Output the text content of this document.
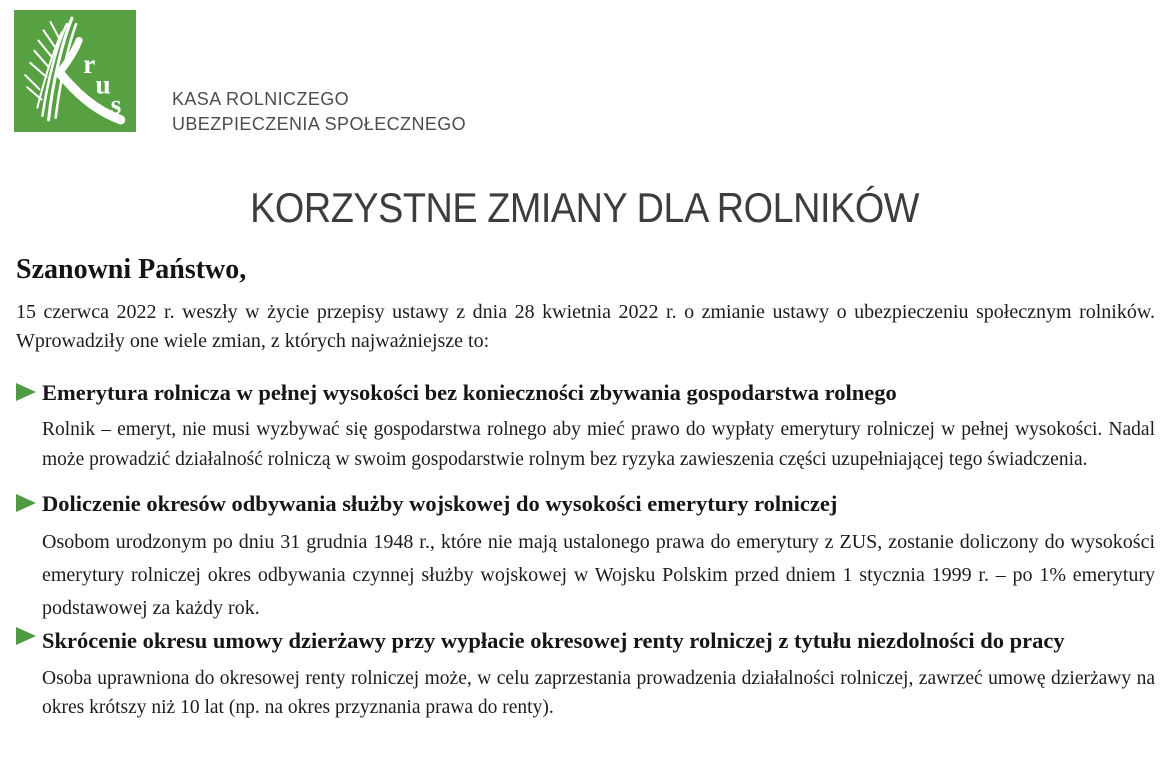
r
u
s	KASA ROLNICZEGO
UBEZPIECZENIA SPOŁECZNEGO
KORZYSTNE ZMIANY DLA ROLNIKÓW
Szanowni Państwo,

15 czerwca 2022 r. weszły w życie przepisy ustawy z dnia 28 kwietnia 2022 r. o zmianie ustawy o ubezpieczeniu społecznym rolników. Wprowadziły one wiele zmian, z których najważniejsze to:

Emerytura rolnicza w pełnej wysokości bez konieczności zbywania gospodarstwa rolnego

Rolnik – emeryt, nie musi wyzbywać się gospodarstwa rolnego aby mieć prawo do wypłaty emerytury rolniczej w pełnej wysokości. Nadal może prowadzić działalność rolniczą w swoim gospodarstwie rolnym bez ryzyka zawieszenia części uzupełniającej tego świadczenia.

Doliczenie okresów odbywania służby wojskowej do wysokości emerytury rolniczej

Osobom urodzonym po dniu 31 grudnia 1948 r., które nie mają ustalonego prawa do emerytury z ZUS, zostanie doliczony do wysokości emerytury rolniczej okres odbywania czynnej służby wojskowej w Wojsku Polskim przed dniem 1 stycznia 1999 r. – po 1% emerytury podstawowej za każdy rok.

Skrócenie okresu umowy dzierżawy przy wypłacie okresowej renty rolniczej z tytułu niezdolności do pracy

Osoba uprawniona do okresowej renty rolniczej może, w celu zaprzestania prowadzenia działalności rolniczej, zawrzeć umowę dzierżawy na okres krótszy niż 10 lat (np. na okres przyznania prawa do renty).
